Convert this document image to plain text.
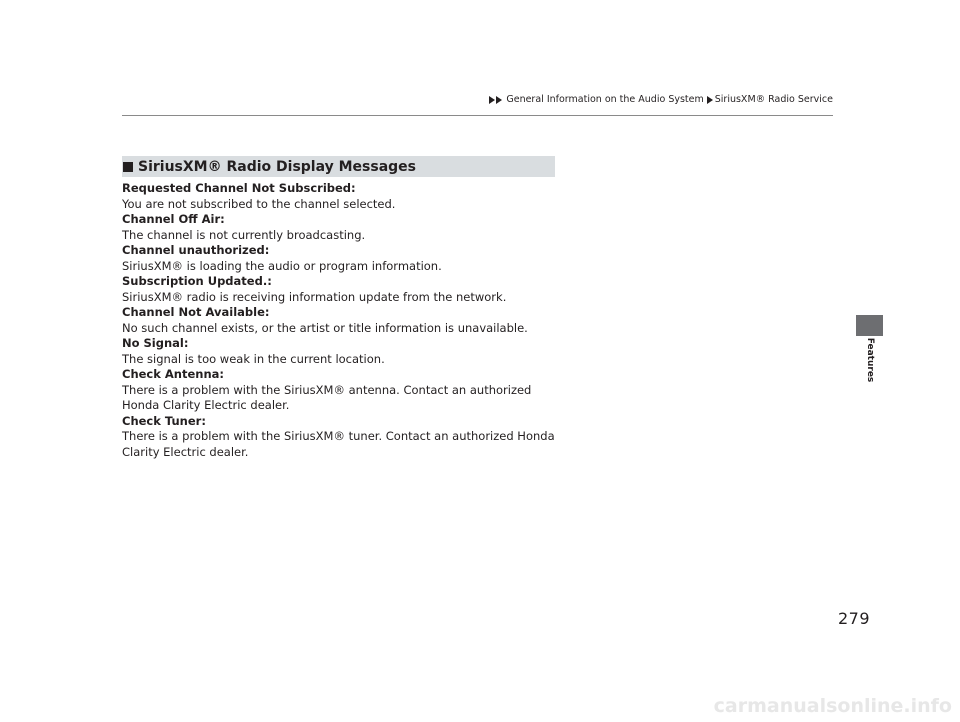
General Information on the Audio System SiriusXM® Radio Service
Features
SiriusXM® Radio Display Messages
Requested Channel Not Subscribed:
You are not subscribed to the channel selected.
Channel Off Air:
The channel is not currently broadcasting.
Channel unauthorized:
SiriusXM® is loading the audio or program information.
Subscription Updated.:
SiriusXM® radio is receiving information update from the network.
Channel Not Available:
No such channel exists, or the artist or title information is unavailable.
No Signal:
The signal is too weak in the current location.
Check Antenna:
There is a problem with the SiriusXM® antenna. Contact an authorized Honda Clarity Electric dealer.
Check Tuner:
There is a problem with the SiriusXM® tuner. Contact an authorized Honda Clarity Electric dealer.
279
carmanualsonline.info
